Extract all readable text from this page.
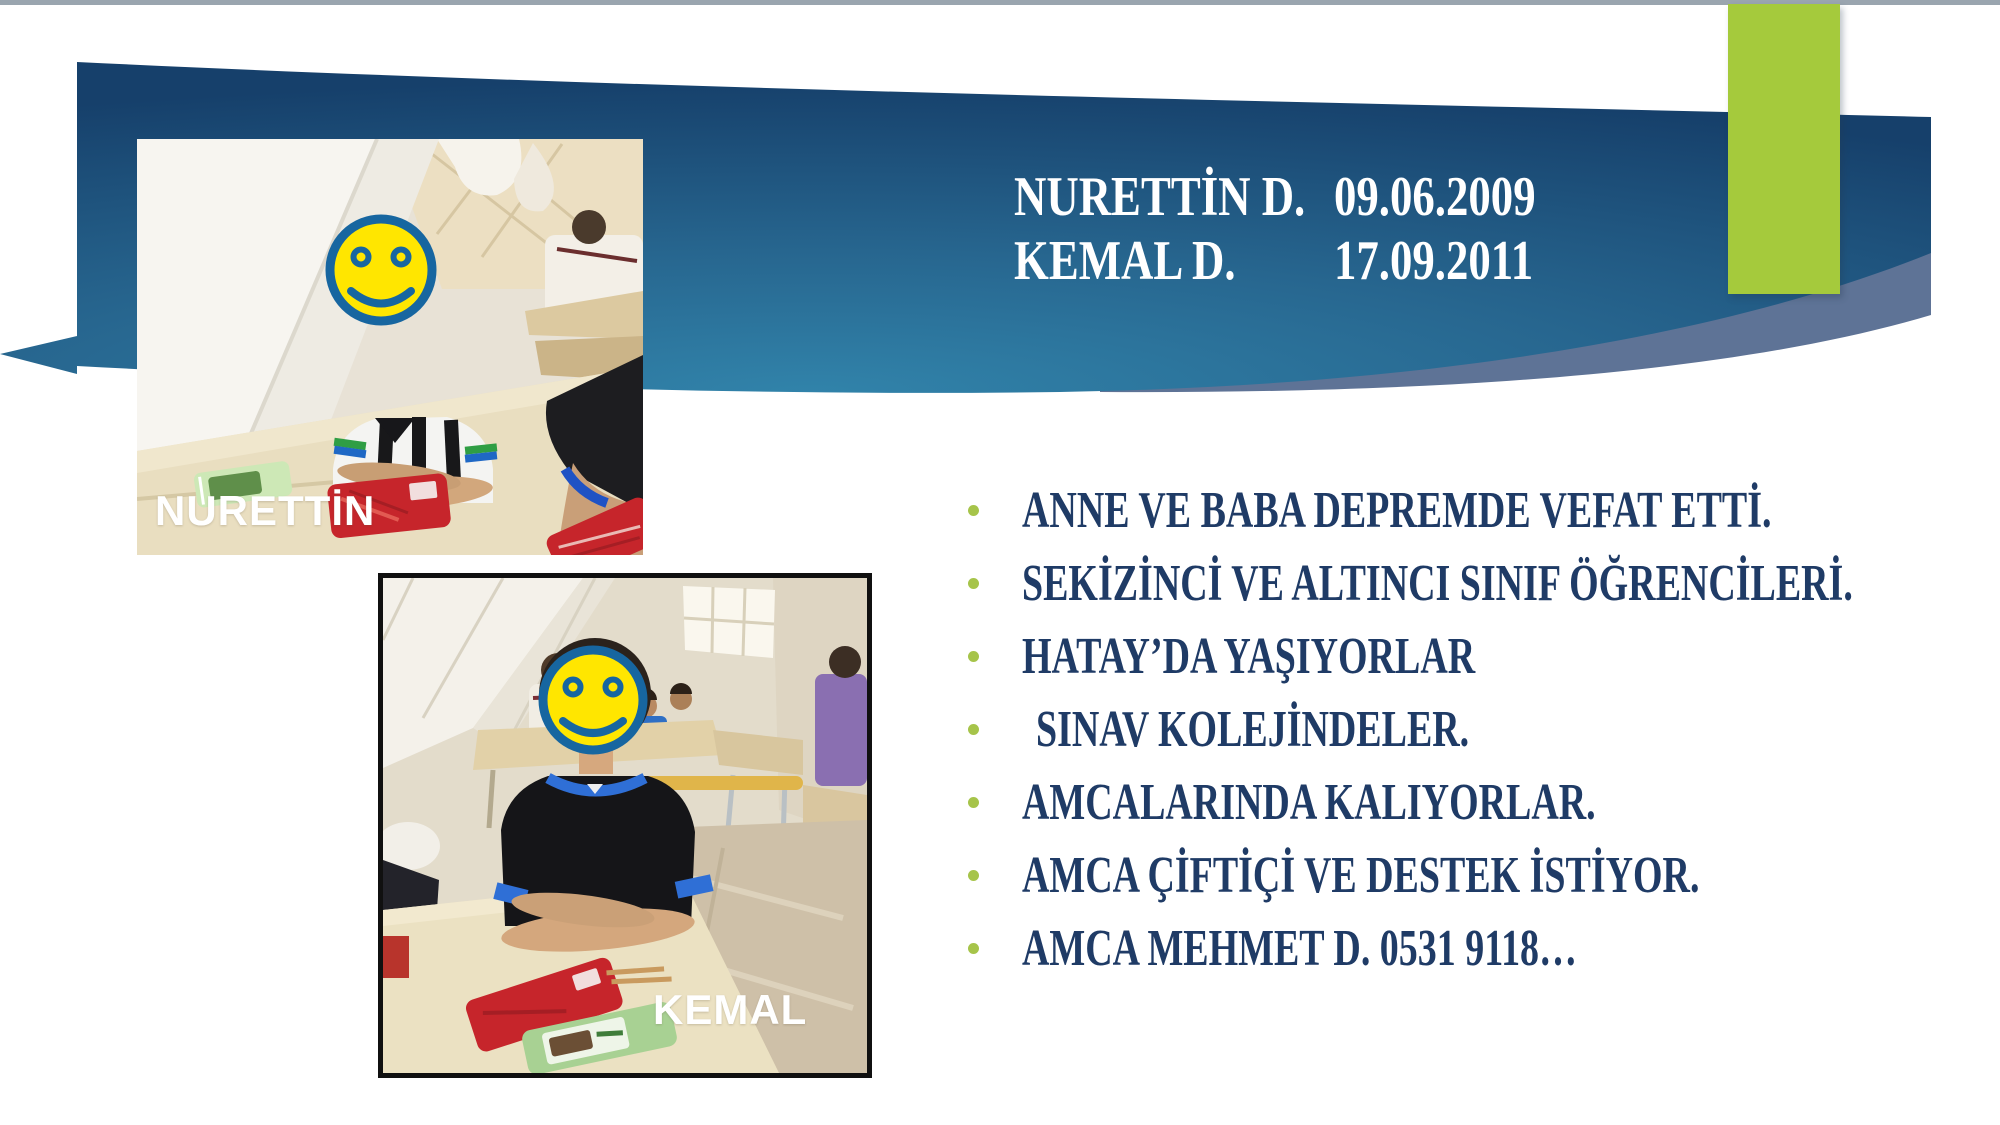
NURETTİN D. 09.06.2009
KEMAL D.	17.09.2011
NURETTİN
KEMAL
ANNE VE BABA DEPREMDE VEFAT ETTİ.
SEKİZİNCİ VE ALTINCI SINIF ÖĞRENCİLERİ.
HATAY’DA YAŞIYORLAR
SINAV KOLEJİNDELER.
AMCALARINDA KALIYORLAR.
AMCA ÇİFTİÇİ VE DESTEK İSTİYOR.
AMCA MEHMET D. 0531 9118…
